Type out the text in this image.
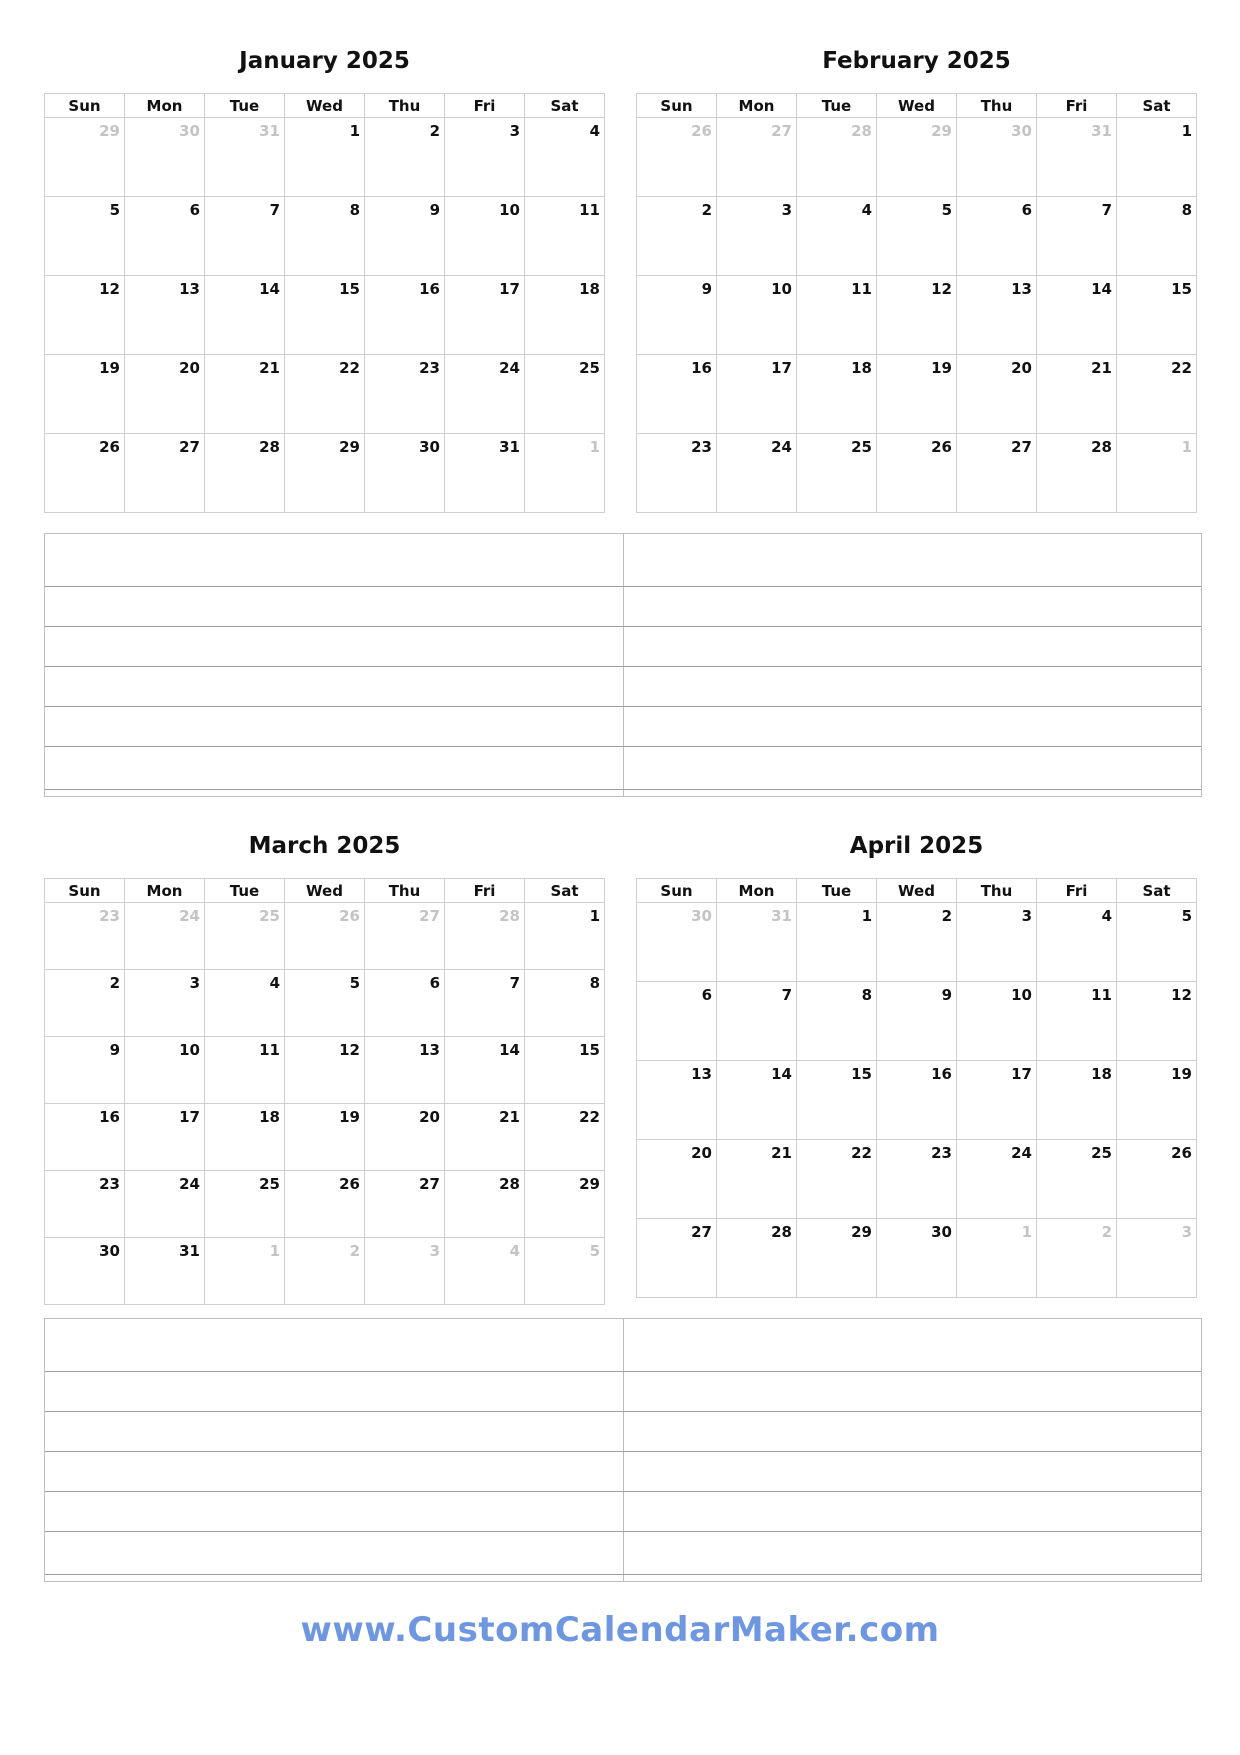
January 2025
Sun	Mon	Tue	Wed	Thu	Fri	Sat
29	30	31	1	2	3	4
5	6	7	8	9	10	11
12	13	14	15	16	17	18
19	20	21	22	23	24	25
26	27	28	29	30	31	1
February 2025
Sun	Mon	Tue	Wed	Thu	Fri	Sat
26	27	28	29	30	31	1
2	3	4	5	6	7	8
9	10	11	12	13	14	15
16	17	18	19	20	21	22
23	24	25	26	27	28	1
March 2025
Sun	Mon	Tue	Wed	Thu	Fri	Sat
23	24	25	26	27	28	1
2	3	4	5	6	7	8
9	10	11	12	13	14	15
16	17	18	19	20	21	22
23	24	25	26	27	28	29
30	31	1	2	3	4	5
April 2025
Sun	Mon	Tue	Wed	Thu	Fri	Sat
30	31	1	2	3	4	5
6	7	8	9	10	11	12
13	14	15	16	17	18	19
20	21	22	23	24	25	26
27	28	29	30	1	2	3
www.CustomCalendarMaker.com
